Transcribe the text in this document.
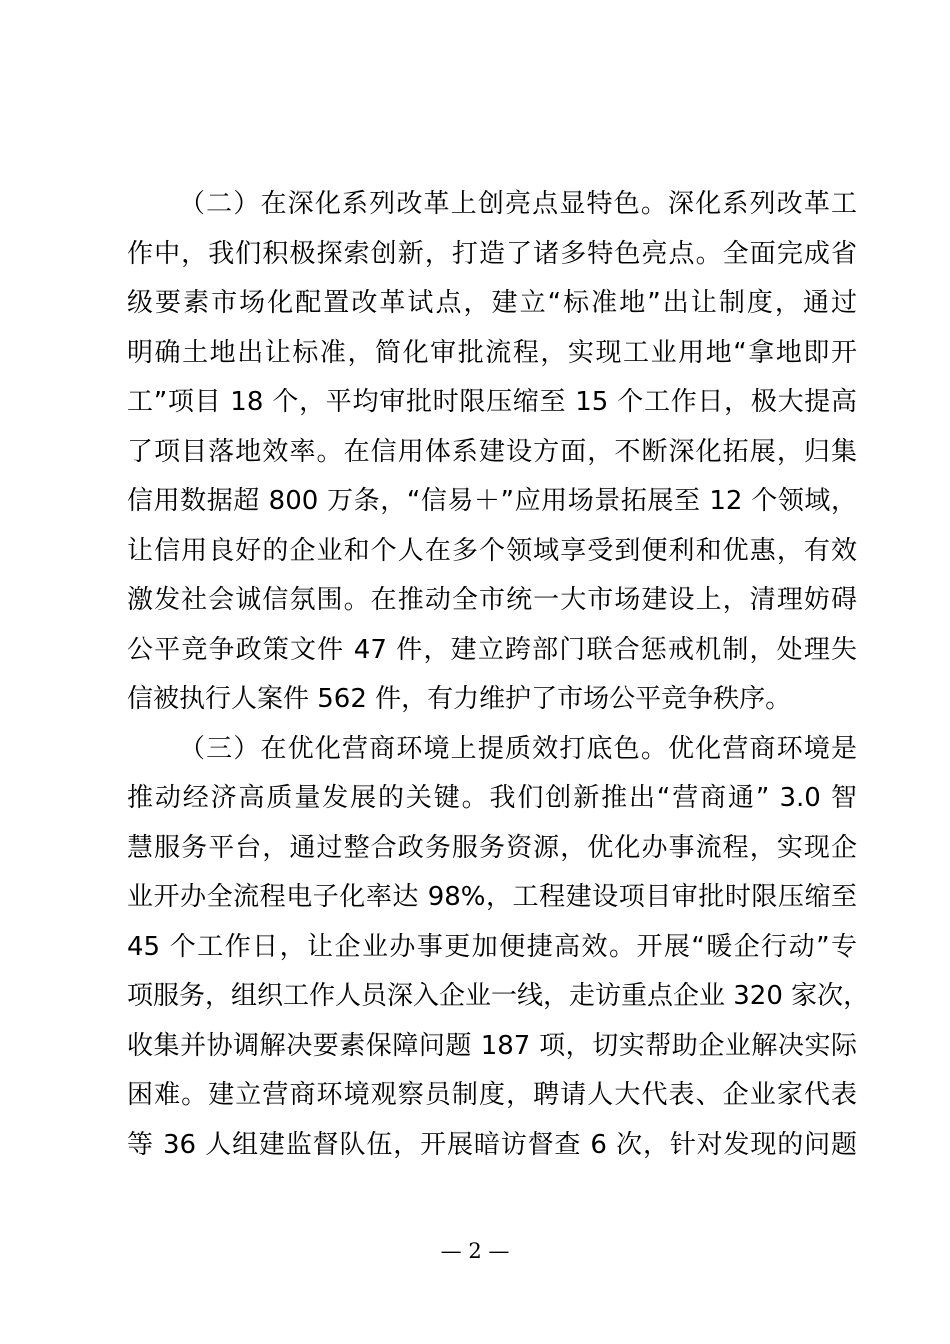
（二）在深化系列改革上创亮点显特色。深化系列改革工
作中，我们积极探索创新，打造了诸多特色亮点。全面完成省
级要素市场化配置改革试点，建立“标准地”出让制度，通过
明确土地出让标准，简化审批流程，实现工业用地“拿地即开
工”项目 18 个，平均审批时限压缩至 15 个工作日，极大提高
了项目落地效率。在信用体系建设方面，不断深化拓展，归集
信用数据超 800 万条，“信易＋”应用场景拓展至 12 个领域，
让信用良好的企业和个人在多个领域享受到便利和优惠，有效
激发社会诚信氛围。在推动全市统一大市场建设上，清理妨碍
公平竞争政策文件 47 件，建立跨部门联合惩戒机制，处理失
信被执行人案件 562 件，有力维护了市场公平竞争秩序。
（三）在优化营商环境上提质效打底色。优化营商环境是
推动经济高质量发展的关键。我们创新推出“营商通” 3.0 智
慧服务平台，通过整合政务服务资源，优化办事流程，实现企
业开办全流程电子化率达 98%，工程建设项目审批时限压缩至
45 个工作日，让企业办事更加便捷高效。开展“暖企行动”专
项服务，组织工作人员深入企业一线，走访重点企业 320 家次，
收集并协调解决要素保障问题 187 项，切实帮助企业解决实际
困难。建立营商环境观察员制度，聘请人大代表、企业家代表
等 36 人组建监督队伍，开展暗访督查 6 次，针对发现的问题
— 2 —
